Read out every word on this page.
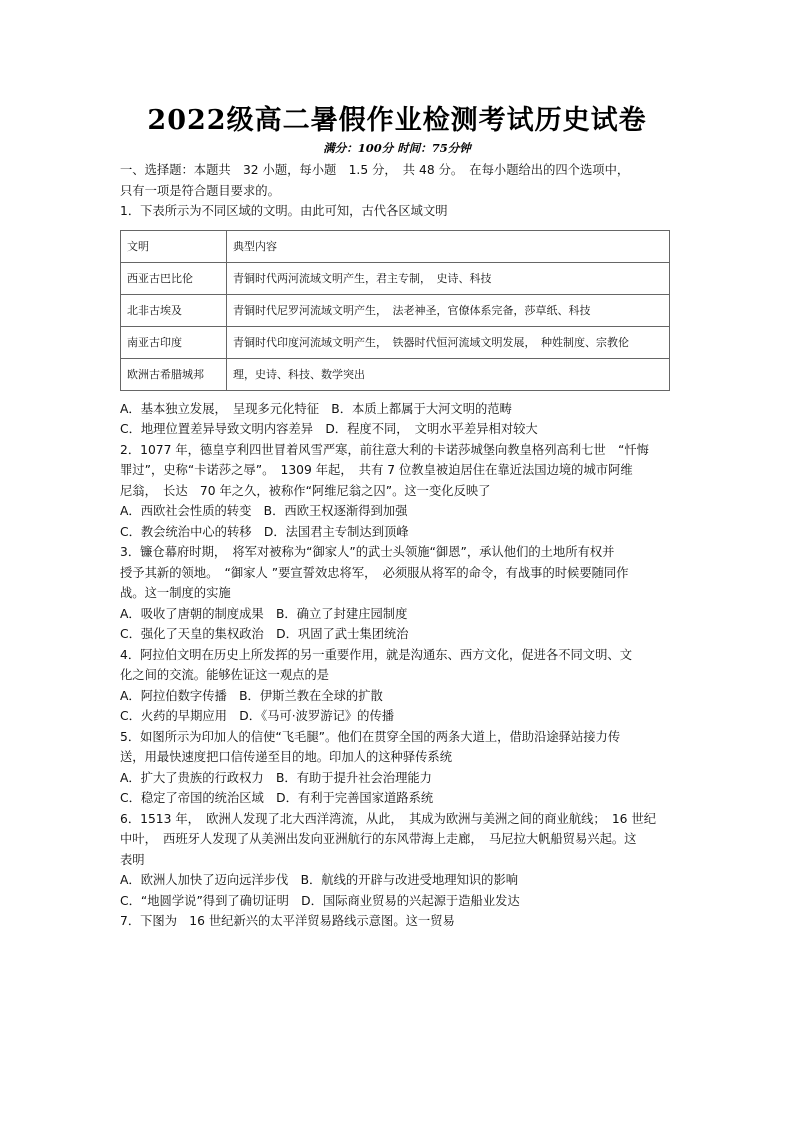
2022级高二暑假作业检测考试历史试卷
满分：100分 时间：75分钟
一、选择题：本题共　32 小题，每小题　1.5 分，　共 48 分。　在每小题给出的四个选项中，
只有一项是符合题目要求的。
1．下表所示为不同区域的文明。由此可知，古代各区域文明
文明	典型内容
西亚古巴比伦	青铜时代两河流域文明产生，君主专制，　史诗、科技
北非古埃及	青铜时代尼罗河流域文明产生，　法老神圣，官僚体系完备，莎草纸、科技
南亚古印度	青铜时代印度河流域文明产生，　铁器时代恒河流域文明发展，　种姓制度、宗教伦
欧洲古希腊城邦	理，史诗、科技、数学突出
A．基本独立发展，　呈现多元化特征　B．本质上都属于大河文明的范畴
C．地理位置差异导致文明内容差异　D．程度不同，　文明水平差异相对较大
2．1077 年，德皇亨利四世冒着风雪严寒，前往意大利的卡诺莎城堡向教皇格列高利七世　“忏悔
罪过”，史称“卡诺莎之辱”。　1309 年起，　共有 7 位教皇被迫居住在靠近法国边境的城市阿维
尼翁，　长达　70 年之久，被称作“阿维尼翁之囚”。这一变化反映了
A．西欧社会性质的转变　B．西欧王权逐渐得到加强
C．教会统治中心的转移　D．法国君主专制达到顶峰
3．镰仓幕府时期，　将军对被称为“御家人”的武士头领施“御恩”，承认他们的土地所有权并
授予其新的领地。　“御家人 ”要宣誓效忠将军，　必须服从将军的命令，有战事的时候要随同作
战。这一制度的实施
A．吸收了唐朝的制度成果　B．确立了封建庄园制度
C．强化了天皇的集权政治　D．巩固了武士集团统治
4．阿拉伯文明在历史上所发挥的另一重要作用，就是沟通东、西方文化，促进各不同文明、文
化之间的交流。能够佐证这一观点的是
A．阿拉伯数字传播　B．伊斯兰教在全球的扩散
C．火药的早期应用　D．《马可·波罗游记》的传播
5．如图所示为印加人的信使“飞毛腿”。他们在贯穿全国的两条大道上，借助沿途驿站接力传
送，用最快速度把口信传递至目的地。印加人的这种驿传系统
A．扩大了贵族的行政权力　B．有助于提升社会治理能力
C．稳定了帝国的统治区域　D．有利于完善国家道路系统
6．1513 年，　欧洲人发现了北大西洋湾流，从此，　其成为欧洲与美洲之间的商业航线；　16 世纪
中叶，　西班牙人发现了从美洲出发向亚洲航行的东风带海上走廊，　马尼拉大帆船贸易兴起。这
表明
A．欧洲人加快了迈向远洋步伐　B．航线的开辟与改进受地理知识的影响
C．“地圆学说”得到了确切证明　D．国际商业贸易的兴起源于造船业发达
7．下图为　16 世纪新兴的太平洋贸易路线示意图。这一贸易
